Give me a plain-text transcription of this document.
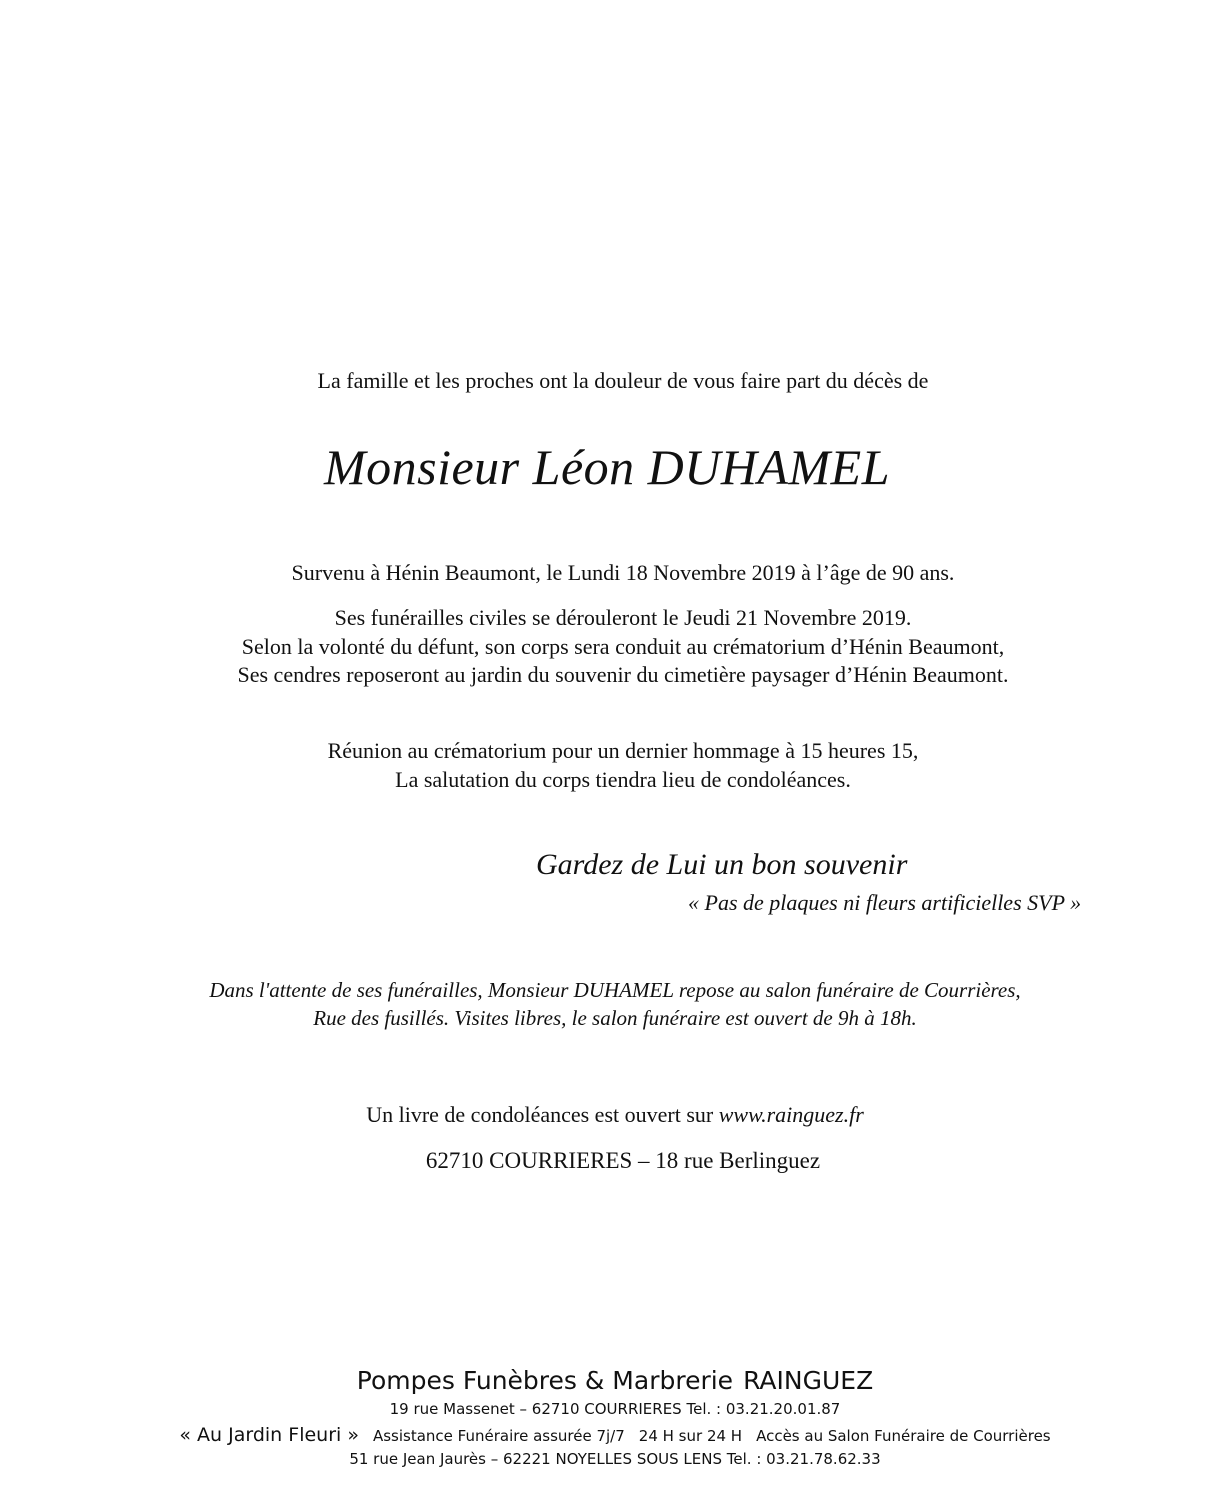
La famille et les proches ont la douleur de vous faire part du décès de

Monsieur Léon DUHAMEL

Survenu à Hénin Beaumont, le Lundi 18 Novembre 2019 à l’âge de 90 ans.

Ses funérailles civiles se dérouleront le Jeudi 21 Novembre 2019.

Selon la volonté du défunt, son corps sera conduit au crématorium d’Hénin Beaumont,

Ses cendres reposeront au jardin du souvenir du cimetière paysager d’Hénin Beaumont.

Réunion au crématorium pour un dernier hommage à 15 heures 15,

La salutation du corps tiendra lieu de condoléances.

Gardez de Lui un bon souvenir
« Pas de plaques ni fleurs artificielles SVP »

Dans l'attente de ses funérailles, Monsieur DUHAMEL repose au salon funéraire de Courrières,

Rue des fusillés. Visites libres, le salon funéraire est ouvert de 9h à 18h.

Un livre de condoléances est ouvert sur www.rainguez.fr

62710 COURRIERES – 18 rue Berlinguez

Pompes Funèbres & Marbrerie RAINGUEZ

19 rue Massenet – 62710 COURRIERES Tel. : 03.21.20.01.87

« Au Jardin Fleuri » Assistance Funéraire assurée 7j/7 24 H sur 24 H Accès au Salon Funéraire de Courrières

51 rue Jean Jaurès – 62221 NOYELLES SOUS LENS Tel. : 03.21.78.62.33
